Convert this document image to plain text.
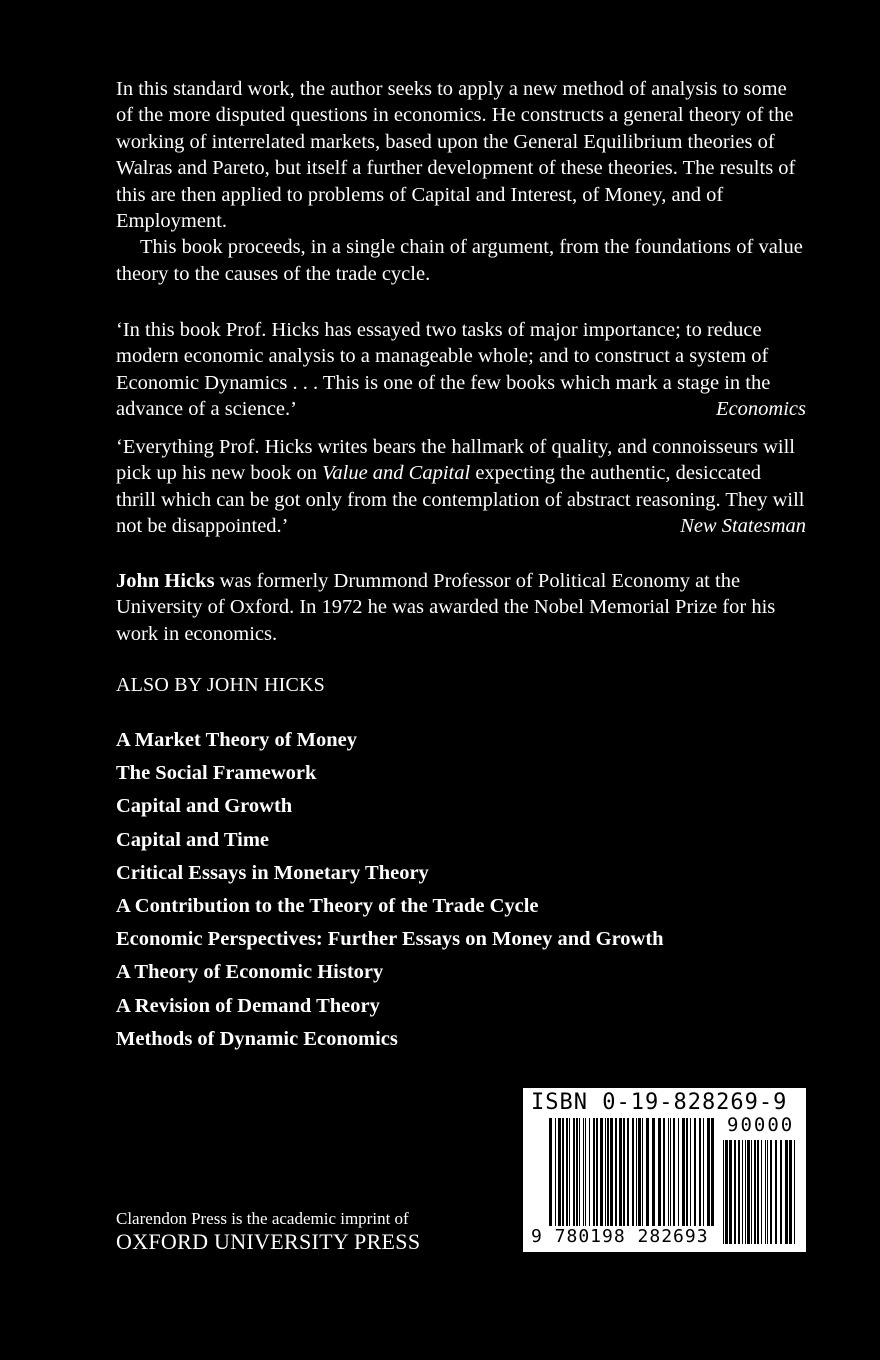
In this standard work, the author seeks to apply a new method of analysis to some of the more disputed questions in economics. He constructs a general theory of the working of interrelated markets, based upon the General Equilibrium theories of Walras and Pareto, but itself a further development of these theories. The results of this are then applied to problems of Capital and Interest, of Money, and of Employment.

This book proceeds, in a single chain of argument, from the foundations of value theory to the causes of the trade cycle.

‘In this book Prof. Hicks has essayed two tasks of major importance; to reduce modern economic analysis to a manageable whole; and to construct a system of Economic Dynamics . . . This is one of the few books which mark a stage in the advance of a science.’	Economics
‘Everything Prof. Hicks writes bears the hallmark of quality, and connoisseurs will pick up his new book on Value and Capital expecting the authentic, desiccated thrill which can be got only from the contemplation of abstract reasoning. They will not be disappointed.’	New Statesman
John Hicks was formerly Drummond Professor of Political Economy at the University of Oxford. In 1972 he was awarded the Nobel Memorial Prize for his work in economics.
ALSO BY JOHN HICKS
A Market Theory of Money
The Social Framework
Capital and Growth
Capital and Time
Critical Essays in Monetary Theory
A Contribution to the Theory of the Trade Cycle
Economic Perspectives: Further Essays on Money and Growth
A Theory of Economic History
A Revision of Demand Theory
Methods of Dynamic Economics
ISBN 0-19-828269-9
90000
9 780198 282693
Clarendon Press is the academic imprint of
OXFORD UNIVERSITY PRESS
